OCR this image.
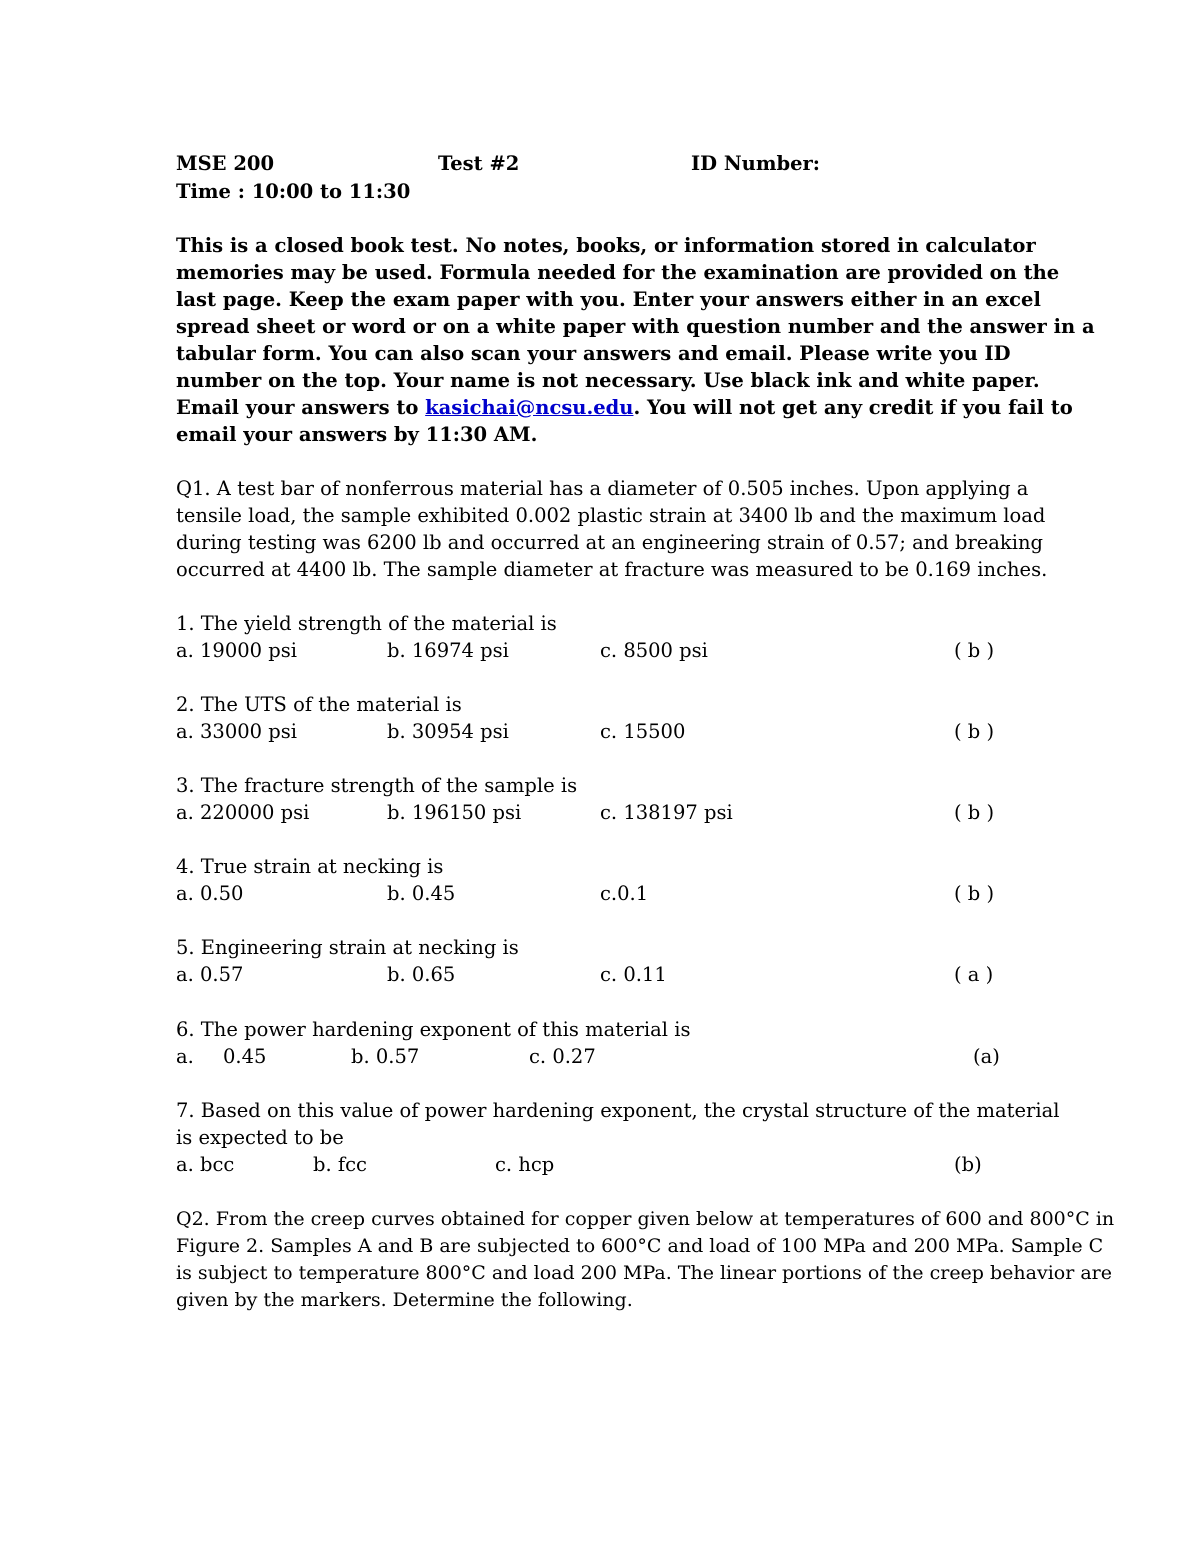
MSE 200	Test #2	ID Number:
Time : 10:00 to 11:30
This is a closed book test. No notes, books, or information stored in calculator
memories may be used. Formula needed for the examination are provided on the
last page. Keep the exam paper with you. Enter your answers either in an excel
spread sheet or word or on a white paper with question number and the answer in a
tabular form. You can also scan your answers and email. Please write you ID
number on the top. Your name is not necessary. Use black ink and white paper.
Email your answers to kasichai@ncsu.edu. You will not get any credit if you fail to
email your answers by 11:30 AM.
Q1. A test bar of nonferrous material has a diameter of 0.505 inches. Upon applying a
tensile load, the sample exhibited 0.002 plastic strain at 3400 lb and the maximum load
during testing was 6200 lb and occurred at an engineering strain of 0.57; and breaking
occurred at 4400 lb. The sample diameter at fracture was measured to be 0.169 inches.
1. The yield strength of the material is
a. 19000 psi	b. 16974 psi	c. 8500 psi	( b )
2. The UTS of the material is
a. 33000 psi	b. 30954 psi	c. 15500	( b )
3. The fracture strength of the sample is
a. 220000 psi	b. 196150 psi	c. 138197 psi	( b )
4. True strain at necking is
a. 0.50	b. 0.45	c.0.1	( b )
5. Engineering strain at necking is
a. 0.57	b. 0.65	c. 0.11	( a )
6. The power hardening exponent of this material is
a. 0.45	b. 0.57	c. 0.27	(a)
7. Based on this value of power hardening exponent, the crystal structure of the material
is expected to be
a. bcc	b. fcc	c. hcp	(b)
Q2. From the creep curves obtained for copper given below at temperatures of 600 and 800°C in
Figure 2. Samples A and B are subjected to 600°C and load of 100 MPa and 200 MPa. Sample C
is subject to temperature 800°C and load 200 MPa. The linear portions of the creep behavior are
given by the markers. Determine the following.
